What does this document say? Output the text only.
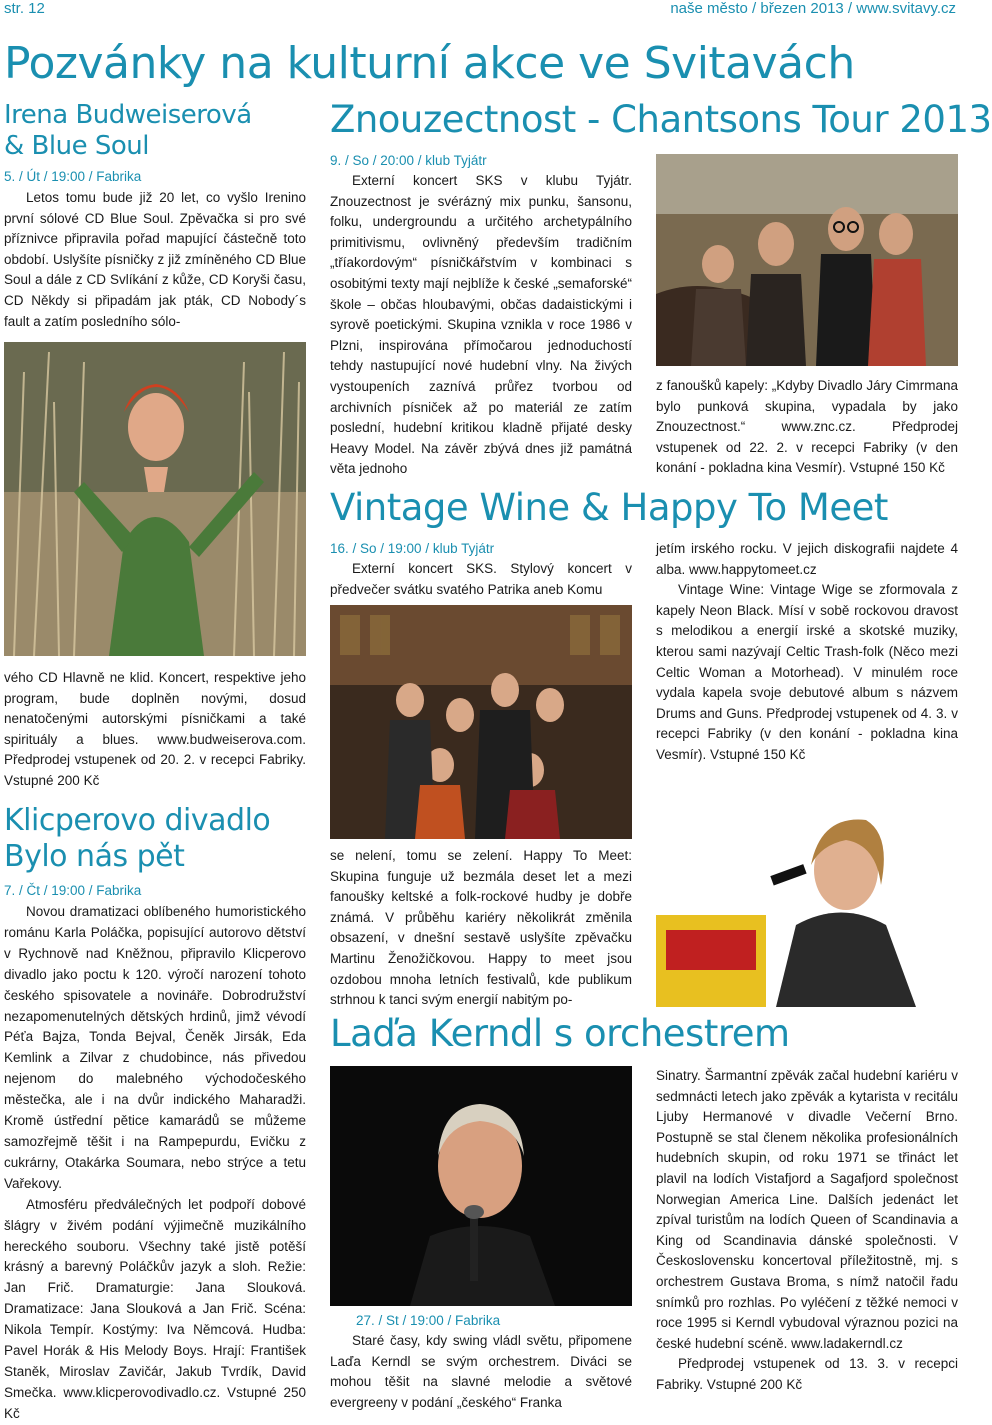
str. 12	naše město / březen 2013 / www.svitavy.cz
Pozvánky na kulturní akce ve Svitavách
Irena Budweiserová
& Blue Soul
5. / Út / 19:00 / Fabrika

Letos tomu bude již 20 let, co vyšlo Irenino první sólové CD Blue Soul. Zpěvačka si pro své příznivce připravila pořad mapující částečně toto období. Uslyšíte písničky z již zmíněného CD Blue Soul a dále z CD Svlíkání z kůže, CD Koryši času, CD Někdy si připadám jak pták, CD Nobody´s fault a zatím posledního sólo-

vého CD Hlavně ne klid. Koncert, respektive jeho program, bude doplněn novými, dosud nenatočenými autorskými písničkami a také spirituály a blues. www.budweiserova.com. Předprodej vstupenek od 20. 2. v recepci Fabriky. Vstupné 200 Kč

Klicperovo divadlo
Bylo nás pět
7. / Čt / 19:00 / Fabrika

Novou dramatizaci oblíbeného humoristického románu Karla Poláčka, popisující autorovo dětství v Rychnově nad Kněžnou, připravilo Klicperovo divadlo jako poctu k 120. výročí narození tohoto českého spisovatele a novináře. Dobrodružství nezapomenutelných dětských hrdinů, jimž vévodí Péťa Bajza, Tonda Bejval, Čeněk Jirsák, Eda Kemlink a Zilvar z chudobince, nás přivedou nejenom do malebného východočeského městečka, ale i na dvůr indického Maharadži. Kromě ústřední pětice kamarádů se můžeme samozřejmě těšit i na Rampepurdu, Evičku z cukrárny, Otakárka Soumara, nebo strýce a tetu Vařekovy.

Atmosféru předválečných let podpoří dobové šlágry v živém podání výjimečně muzikálního hereckého souboru. Všechny také jistě potěší krásný a barevný Poláčkův jazyk a sloh. Režie: Jan Frič. Dramaturgie: Jana Slouková. Dramatizace: Jana Slouková a Jan Frič. Scéna: Nikola Tempír. Kostýmy: Iva Němcová. Hudba: Pavel Horák & His Melody Boys. Hrají: František Staněk, Miroslav Zavičár, Jakub Tvrdík, David Smečka. www.klicperovodivadlo.cz. Vstupné 250 Kč

Znouzectnost - Chantsons Tour 2013
9. / So / 20:00 / klub Tyjátr

Externí koncert SKS v klubu Tyjátr. Znouzectnost je svérázný mix punku, šansonu, folku, undergroundu a určitého archetypálního primitivismu, ovlivněný především tradičním „tříakordovým“ písničkářstvím v kombinaci s osobitými texty mají nejblíže k české „semaforské“ škole – občas hloubavými, občas dadaistickými i syrově poetickými. Skupina vznikla v roce 1986 v Plzni, inspirována přímočarou jednoduchostí tehdy nastupující nové hudební vlny. Na živých vystoupeních zaznívá průřez tvorbou od archivních písniček až po materiál ze zatím poslední, hudební kritikou kladně přijaté desky Heavy Model. Na závěr zbývá dnes již památná věta jednoho

z fanoušků kapely: „Kdyby Divadlo Járy Cimrmana bylo punková skupina, vypadala by jako Znouzectnost.“ www.znc.cz. Předprodej vstupenek od 22. 2. v recepci Fabriky (v den konání - pokladna kina Vesmír). Vstupné 150 Kč

Vintage Wine & Happy To Meet
16. / So / 19:00 / klub Tyjátr

Externí koncert SKS. Stylový koncert v předvečer svátku svatého Patrika aneb Komu

se nelení, tomu se zelení. Happy To Meet: Skupina funguje už bezmála deset let a mezi fanoušky keltské a folk-rockové hudby je dobře známá. V průběhu kariéry několikrát změnila obsazení, v dnešní sestavě uslyšíte zpěvačku Martinu Ženožičkovou. Happy to meet jsou ozdobou mnoha letních festivalů, kde publikum strhnou k tanci svým energií nabitým po-

jetím irského rocku. V jejich diskografii najdete 4 alba. www.happytomeet.cz

Vintage Wine: Vintage Wige se zformovala z kapely Neon Black. Mísí v sobě rockovou dravost s melodikou a energií irské a skotské muziky, kterou sami nazývají Celtic Trash-folk (Něco mezi Celtic Woman a Motorhead). V minulém roce vydala kapela svoje debutové album s názvem Drums and Guns. Předprodej vstupenek od 4. 3. v recepci Fabriky (v den konání - pokladna kina Vesmír). Vstupné 150 Kč

Laďa Kerndl s orchestrem
27. / St / 19:00 / Fabrika

Staré časy, kdy swing vládl světu, připomene Laďa Kerndl se svým orchestrem. Diváci se mohou těšit na slavné melodie a světové evergreeny v podání „českého“ Franka

Sinatry. Šarmantní zpěvák začal hudební kariéru v sedmnácti letech jako zpěvák a kytarista v recitálu Ljuby Hermanové v divadle Večerní Brno. Postupně se stal členem několika profesionálních hudebních skupin, od roku 1971 se třináct let plavil na lodích Vistafjord a Sagafjord společnost Norwegian America Line. Dalších jedenáct let zpíval turistům na lodích Queen of Scandinavia a King od Scandinavia dánské společnosti. V Československu koncertoval příležitostně, mj. s orchestrem Gustava Broma, s nímž natočil řadu snímků pro rozhlas. Po vyléčení z těžké nemoci v roce 1995 si Kerndl vybudoval výraznou pozici na české hudební scéně. www.ladakerndl.cz

Předprodej vstupenek od 13. 3. v recepci Fabriky. Vstupné 200 Kč
